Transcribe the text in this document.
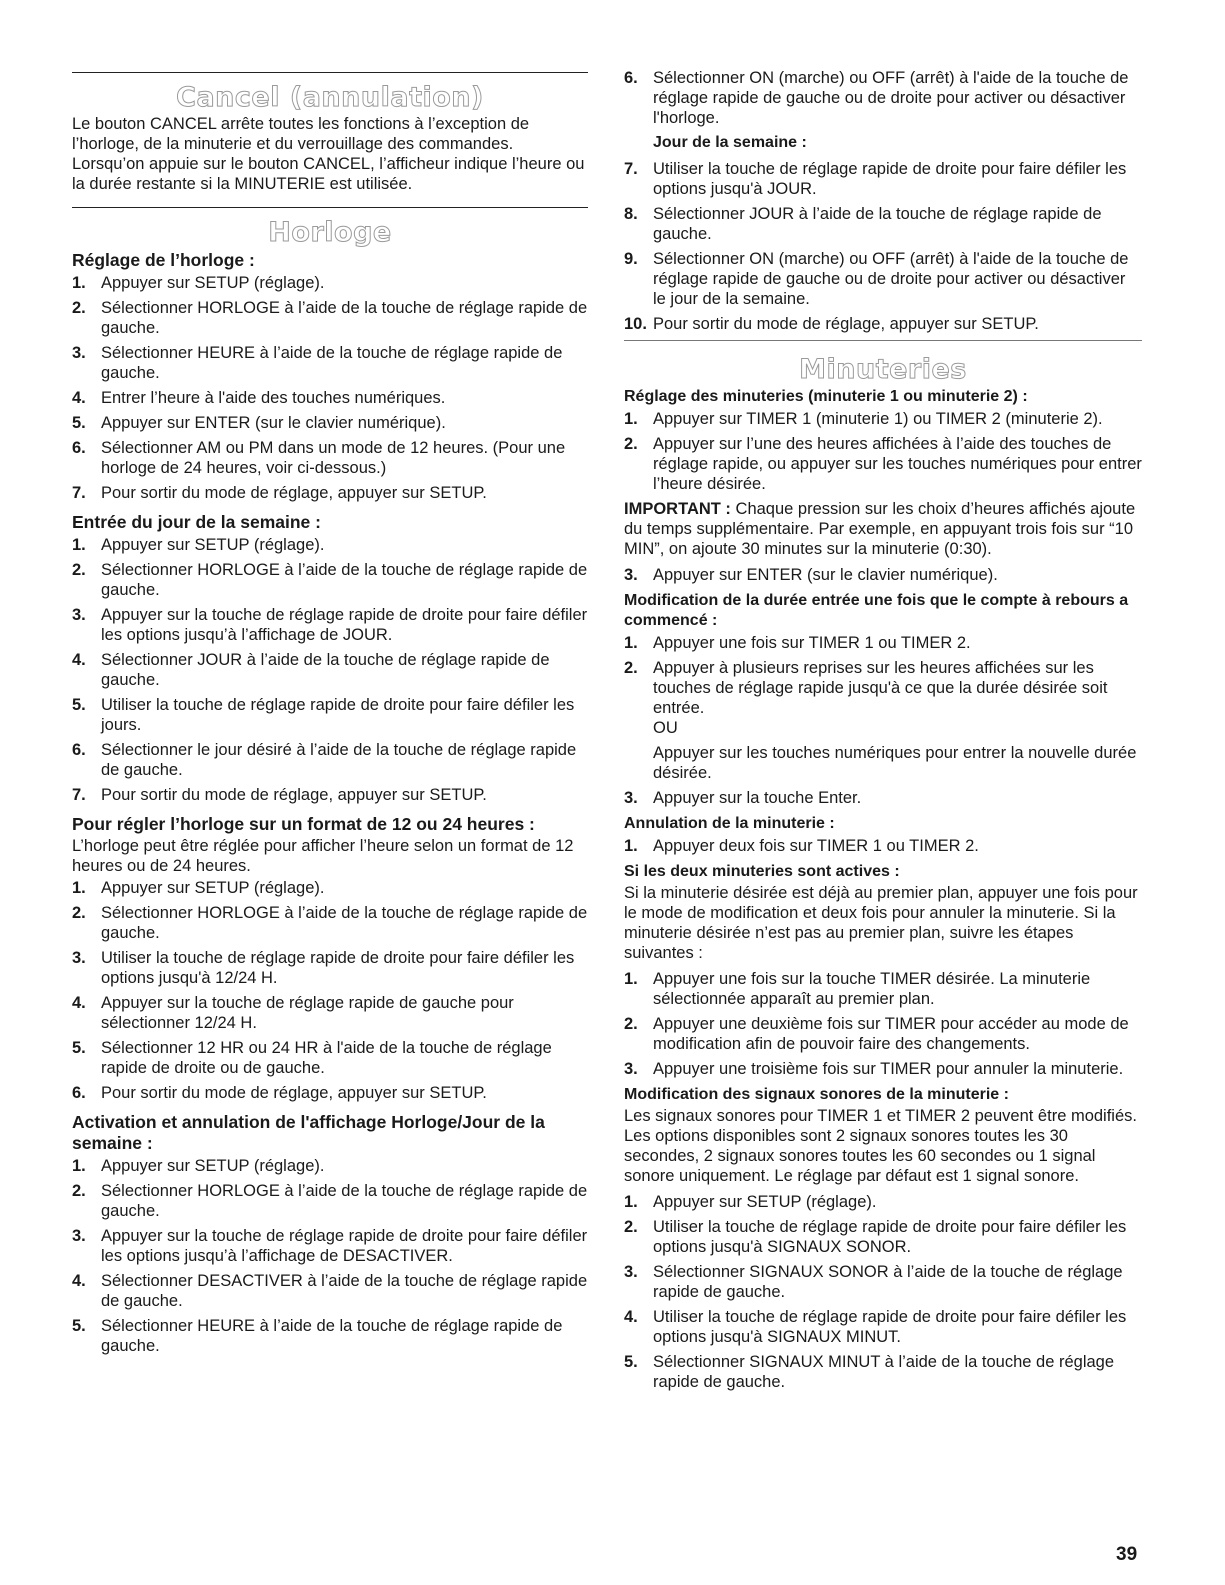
Cancel (annulation)

Le bouton CANCEL arrête toutes les fonctions à l’exception de l’horloge, de la minuterie et du verrouillage des commandes. Lorsqu’on appuie sur le bouton CANCEL, l’afficheur indique l’heure ou la durée restante si la MINUTERIE est utilisée.

Horloge
Réglage de l’horloge :
1. Appuyer sur SETUP (réglage).
2. Sélectionner HORLOGE à l’aide de la touche de réglage rapide de gauche.
3. Sélectionner HEURE à l’aide de la touche de réglage rapide de gauche.
4. Entrer l’heure à l'aide des touches numériques.
5. Appuyer sur ENTER (sur le clavier numérique).
6. Sélectionner AM ou PM dans un mode de 12 heures. (Pour une horloge de 24 heures, voir ci-dessous.)
7. Pour sortir du mode de réglage, appuyer sur SETUP.
Entrée du jour de la semaine :
1. Appuyer sur SETUP (réglage).
2. Sélectionner HORLOGE à l’aide de la touche de réglage rapide de gauche.
3. Appuyer sur la touche de réglage rapide de droite pour faire défiler les options jusqu’à l’affichage de JOUR.
4. Sélectionner JOUR à l’aide de la touche de réglage rapide de gauche.
5. Utiliser la touche de réglage rapide de droite pour faire défiler les jours.
6. Sélectionner le jour désiré à l’aide de la touche de réglage rapide de gauche.
7. Pour sortir du mode de réglage, appuyer sur SETUP.
Pour régler l’horloge sur un format de 12 ou 24 heures :

L’horloge peut être réglée pour afficher l’heure selon un format de 12 heures ou de 24 heures.

1. Appuyer sur SETUP (réglage).
2. Sélectionner HORLOGE à l’aide de la touche de réglage rapide de gauche.
3. Utiliser la touche de réglage rapide de droite pour faire défiler les options jusqu'à 12/24 H.
4. Appuyer sur la touche de réglage rapide de gauche pour sélectionner 12/24 H.
5. Sélectionner 12 HR ou 24 HR à l'aide de la touche de réglage rapide de droite ou de gauche.
6. Pour sortir du mode de réglage, appuyer sur SETUP.
Activation et annulation de l'affichage Horloge/Jour de la semaine :
1. Appuyer sur SETUP (réglage).
2. Sélectionner HORLOGE à l’aide de la touche de réglage rapide de gauche.
3. Appuyer sur la touche de réglage rapide de droite pour faire défiler les options jusqu’à l’affichage de DESACTIVER.
4. Sélectionner DESACTIVER à l’aide de la touche de réglage rapide de gauche.
5. Sélectionner HEURE à l’aide de la touche de réglage rapide de gauche.
6. Sélectionner ON (marche) ou OFF (arrêt) à l'aide de la touche de réglage rapide de gauche ou de droite pour activer ou désactiver l'horloge.
Jour de la semaine :
7. Utiliser la touche de réglage rapide de droite pour faire défiler les options jusqu'à JOUR.
8. Sélectionner JOUR à l’aide de la touche de réglage rapide de gauche.
9. Sélectionner ON (marche) ou OFF (arrêt) à l'aide de la touche de réglage rapide de gauche ou de droite pour activer ou désactiver le jour de la semaine.
10. Pour sortir du mode de réglage, appuyer sur SETUP.
Minuteries
Réglage des minuteries (minuterie 1 ou minuterie 2) :
1. Appuyer sur TIMER 1 (minuterie 1) ou TIMER 2 (minuterie 2).
2. Appuyer sur l’une des heures affichées à l’aide des touches de réglage rapide, ou appuyer sur les touches numériques pour entrer l’heure désirée.

IMPORTANT : Chaque pression sur les choix d’heures affichés ajoute du temps supplémentaire. Par exemple, en appuyant trois fois sur “10 MIN”, on ajoute 30 minutes sur la minuterie (0:30).

3. Appuyer sur ENTER (sur le clavier numérique).
Modification de la durée entrée une fois que le compte à rebours a commencé :
1. Appuyer une fois sur TIMER 1 ou TIMER 2.
2. Appuyer à plusieurs reprises sur les heures affichées sur les touches de réglage rapide jusqu'à ce que la durée désirée soit entrée.
OU
Appuyer sur les touches numériques pour entrer la nouvelle durée désirée.
3. Appuyer sur la touche Enter.
Annulation de la minuterie :
1. Appuyer deux fois sur TIMER 1 ou TIMER 2.
Si les deux minuteries sont actives :

Si la minuterie désirée est déjà au premier plan, appuyer une fois pour le mode de modification et deux fois pour annuler la minuterie. Si la minuterie désirée n’est pas au premier plan, suivre les étapes suivantes :

1. Appuyer une fois sur la touche TIMER désirée. La minuterie sélectionnée apparaît au premier plan.
2. Appuyer une deuxième fois sur TIMER pour accéder au mode de modification afin de pouvoir faire des changements.
3. Appuyer une troisième fois sur TIMER pour annuler la minuterie.
Modification des signaux sonores de la minuterie :

Les signaux sonores pour TIMER 1 et TIMER 2 peuvent être modifiés. Les options disponibles sont 2 signaux sonores toutes les 30 secondes, 2 signaux sonores toutes les 60 secondes ou 1 signal sonore uniquement. Le réglage par défaut est 1 signal sonore.

1. Appuyer sur SETUP (réglage).
2. Utiliser la touche de réglage rapide de droite pour faire défiler les options jusqu'à SIGNAUX SONOR.
3. Sélectionner SIGNAUX SONOR à l’aide de la touche de réglage rapide de gauche.
4. Utiliser la touche de réglage rapide de droite pour faire défiler les options jusqu'à SIGNAUX MINUT.
5. Sélectionner SIGNAUX MINUT à l’aide de la touche de réglage rapide de gauche.
39
